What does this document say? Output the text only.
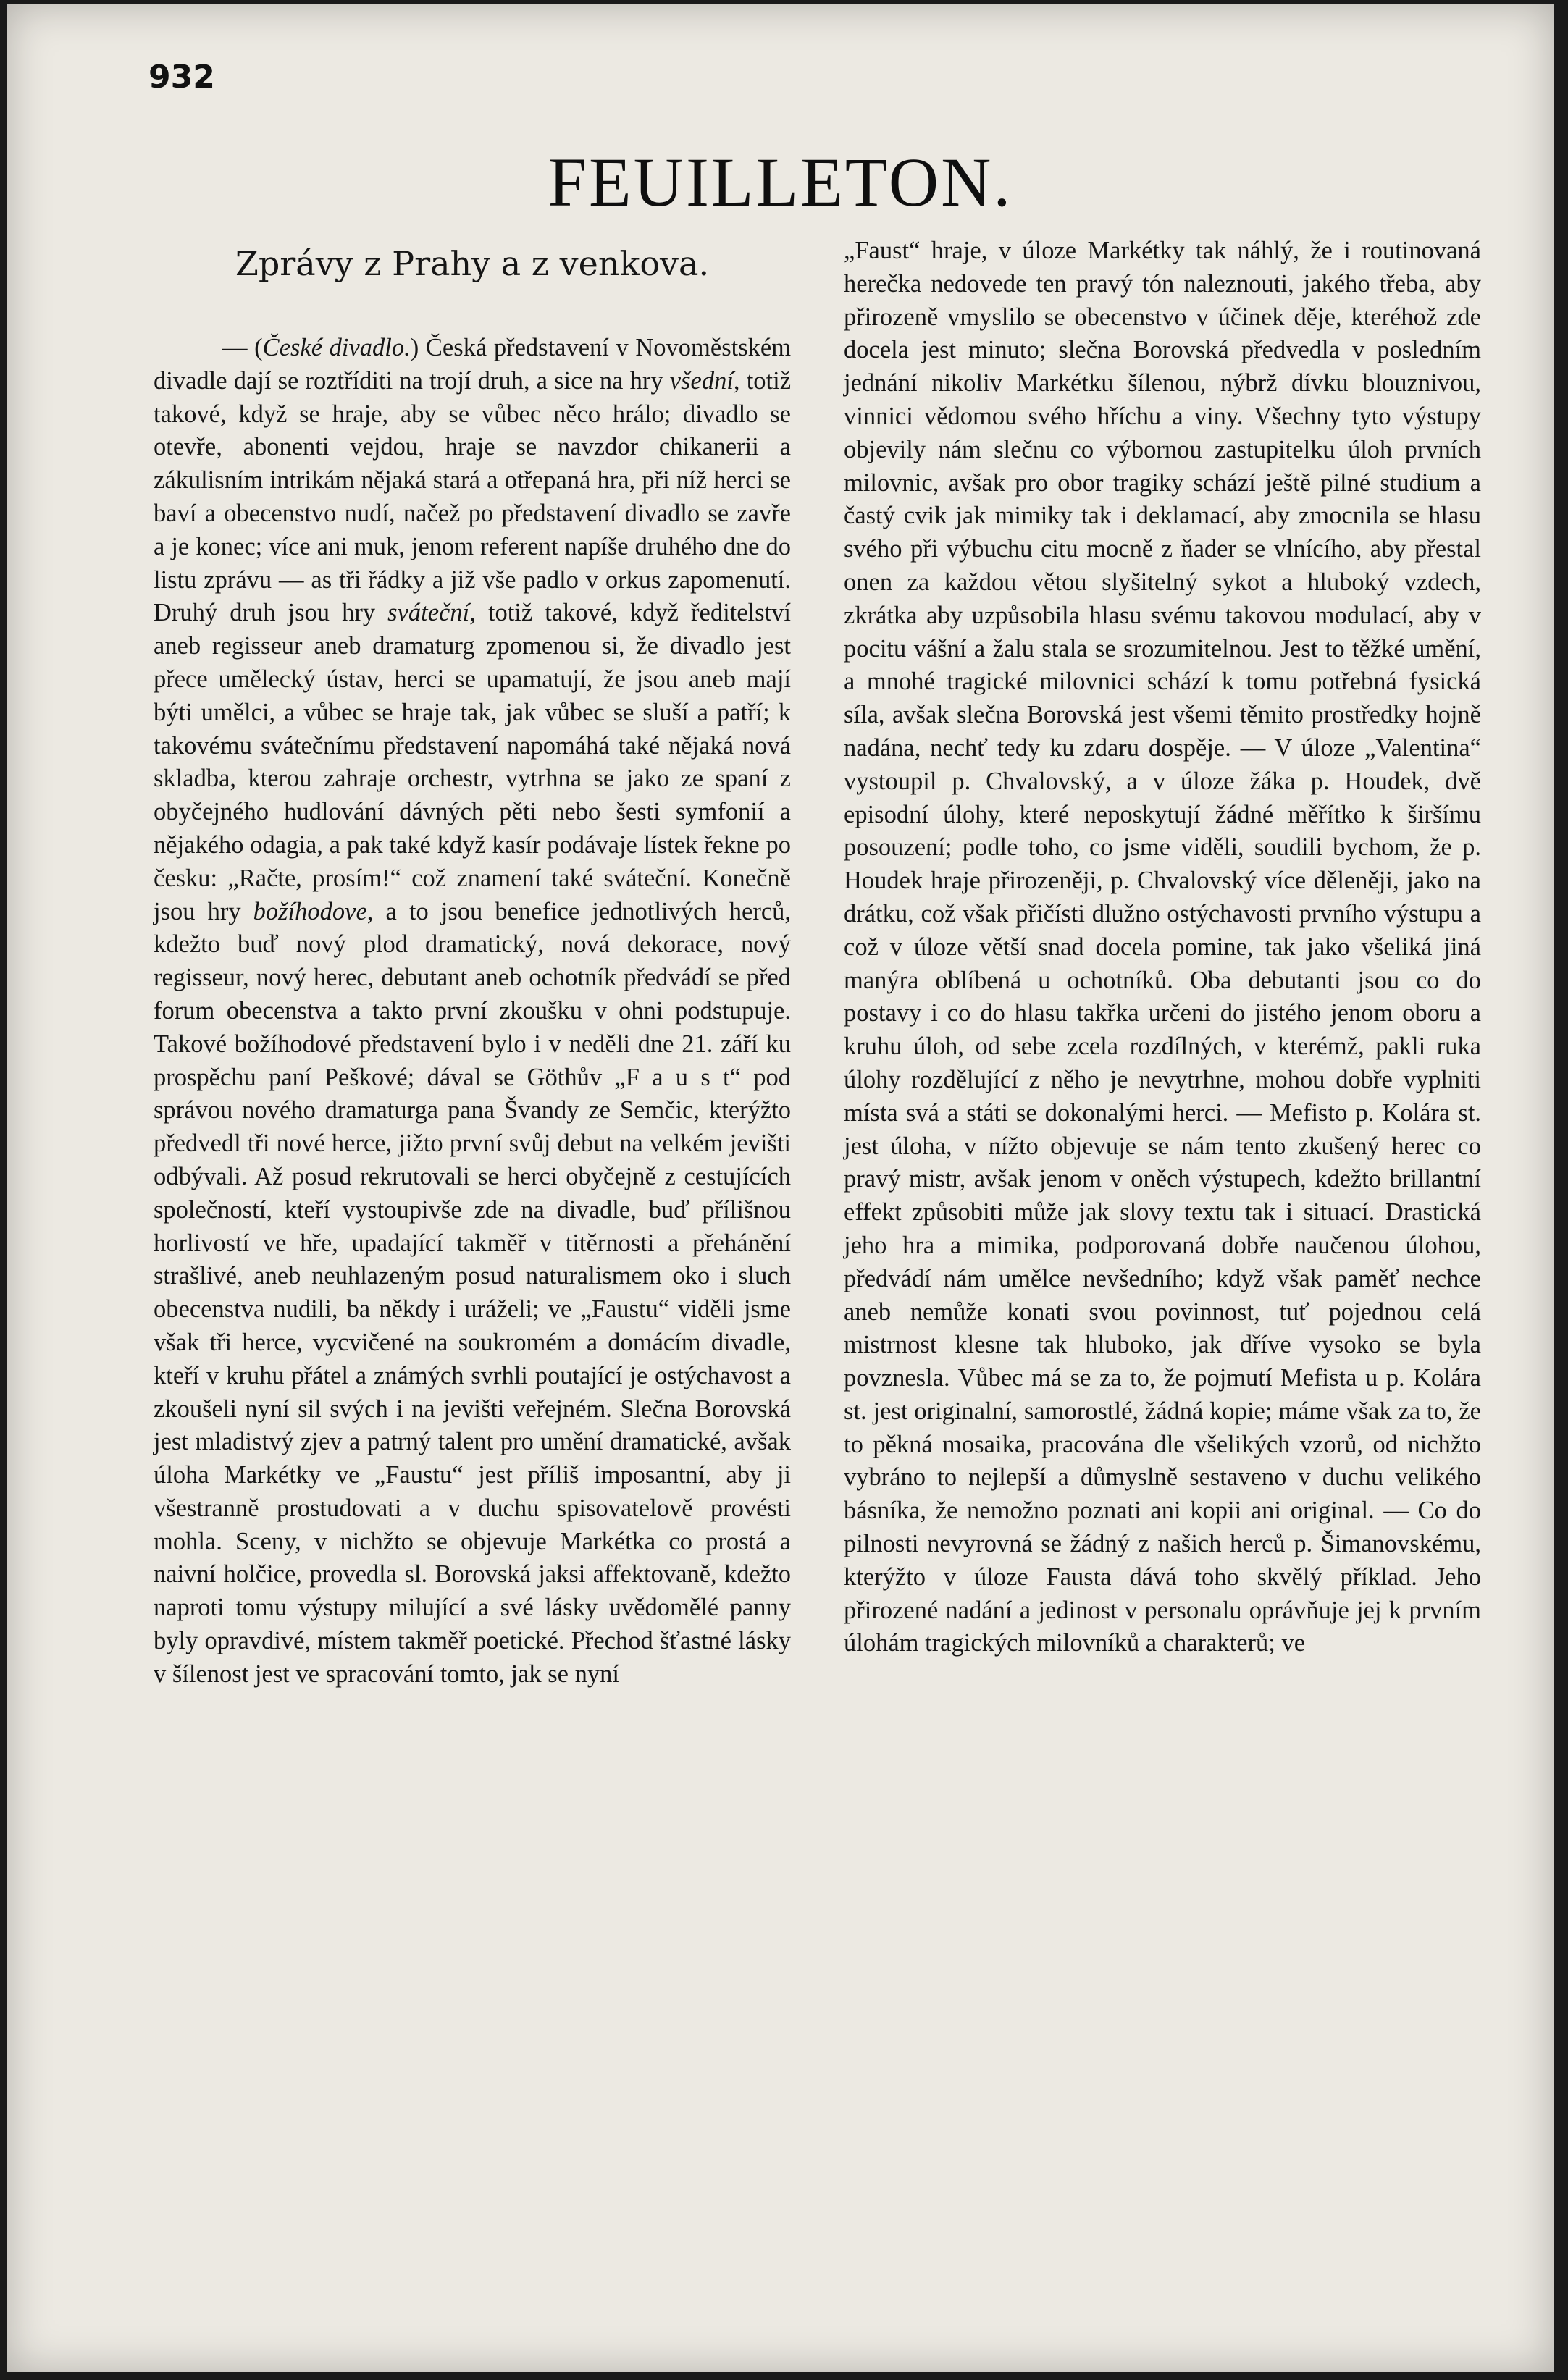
932
FEUILLETON.
Zprávy z Prahy a z venkova.

— (České divadlo.) Česká představení v Novoměstském divadle dají se roztříditi na trojí druh, a sice na hry všední, totiž takové, když se hraje, aby se vůbec něco hrálo; divadlo se otevře, abonenti vejdou, hraje se navzdor chikanerii a zákulisním intrikám nějaká stará a otřepaná hra, při níž herci se baví a obecenstvo nudí, načež po představení divadlo se zavře a je konec; více ani muk, jenom referent napíše druhého dne do listu zprávu — as tři řádky a již vše padlo v orkus zapomenutí. Druhý druh jsou hry sváteční, totiž takové, když ředitelství aneb regisseur aneb dramaturg zpomenou si, že divadlo jest přece umělecký ústav, herci se upamatují, že jsou aneb mají býti umělci, a vůbec se hraje tak, jak vůbec se sluší a patří; k takovému svátečnímu představení napomáhá také nějaká nová skladba, kterou zahraje orchestr, vytrhna se jako ze spaní z obyčejného hudlování dávných pěti nebo šesti symfonií a nějakého odagia, a pak také když kasír podávaje lístek řekne po česku: „Račte, prosím!“ což znamení také sváteční. Konečně jsou hry božíhodove, a to jsou benefice jednotlivých herců, kdežto buď nový plod dramatický, nová dekorace, nový regisseur, nový herec, debutant aneb ochotník předvádí se před forum obecenstva a takto první zkoušku v ohni podstupuje. Takové božíhodové představení bylo i v neděli dne 21. září ku prospěchu paní Peškové; dával se Göthův „F a u s t“ pod správou nového dramaturga pana Švandy ze Semčic, kterýžto předvedl tři nové herce, jižto první svůj debut na velkém jevišti odbývali. Až posud rekrutovali se herci obyčejně z cestujících společností, kteří vystoupivše zde na divadle, buď přílišnou horlivostí ve hře, upadající takměř v titěrnosti a přehánění strašlivé, aneb neuhlazeným posud naturalismem oko i sluch obecenstva nudili, ba někdy i uráželi; ve „Faustu“ viděli jsme však tři herce, vycvičené na soukromém a domácím divadle, kteří v kruhu přátel a známých svrhli poutající je ostýchavost a zkoušeli nyní sil svých i na jevišti veřejném. Slečna Borovská jest mladistvý zjev a patrný talent pro umění dramatické, avšak úloha Markétky ve „Faustu“ jest příliš imposantní, aby ji všestranně prostudovati a v duchu spisovatelově provésti mohla. Sceny, v nichžto se objevuje Markétka co prostá a naivní holčice, provedla sl. Borovská jaksi affektovaně, kdežto naproti tomu výstupy milující a své lásky uvědomělé panny byly opravdivé, místem takměř poetické. Přechod šťastné lásky v šílenost jest ve spracování tomto, jak se nyní

„Faust“ hraje, v úloze Markétky tak náhlý, že i routinovaná herečka nedovede ten pravý tón naleznouti, jakého třeba, aby přirozeně vmyslilo se obecenstvo v účinek děje, kteréhož zde docela jest minuto; slečna Borovská předvedla v posledním jednání nikoliv Markétku šílenou, nýbrž dívku blouznivou, vinnici vědomou svého hříchu a viny. Všechny tyto výstupy objevily nám slečnu co výbornou zastupitelku úloh prvních milovnic, avšak pro obor tragiky schází ještě pilné studium a častý cvik jak mimiky tak i deklamací, aby zmocnila se hlasu svého při výbuchu citu mocně z ňader se vlnícího, aby přestal onen za každou větou slyšitelný sykot a hluboký vzdech, zkrátka aby uzpůsobila hlasu svému takovou modulací, aby v pocitu vášní a žalu stala se srozumitelnou. Jest to těžké umění, a mnohé tragické milovnici schází k tomu potřebná fysická síla, avšak slečna Borovská jest všemi těmito prostředky hojně nadána, nechť tedy ku zdaru dospěje. — V úloze „Valentina“ vystoupil p. Chvalovský, a v úloze žáka p. Houdek, dvě episodní úlohy, které neposkytují žádné měřítko k širšímu posouzení; podle toho, co jsme viděli, soudili bychom, že p. Houdek hraje přirozeněji, p. Chvalovský více děleněji, jako na drátku, což však přičísti dlužno ostýchavosti prvního výstupu a což v úloze větší snad docela pomine, tak jako všeliká jiná manýra oblíbená u ochotníků. Oba debutanti jsou co do postavy i co do hlasu takřka určeni do jistého jenom oboru a kruhu úloh, od sebe zcela rozdílných, v kterémž, pakli ruka úlohy rozdělující z něho je nevytrhne, mohou dobře vyplniti místa svá a státi se dokonalými herci. — Mefisto p. Kolára st. jest úloha, v nížto objevuje se nám tento zkušený herec co pravý mistr, avšak jenom v oněch výstupech, kdežto brillantní effekt způsobiti může jak slovy textu tak i situací. Drastická jeho hra a mimika, podporovaná dobře naučenou úlohou, předvádí nám umělce nevšedního; když však paměť nechce aneb nemůže konati svou povinnost, tuť pojednou celá mistrnost klesne tak hluboko, jak dříve vysoko se byla povznesla. Vůbec má se za to, že pojmutí Mefista u p. Kolára st. jest originalní, samorostlé, žádná kopie; máme však za to, že to pěkná mosaika, pracována dle všelikých vzorů, od nichžto vybráno to nejlepší a důmyslně sestaveno v duchu velikého básníka, že nemožno poznati ani kopii ani original. — Co do pilnosti nevyrovná se žádný z našich herců p. Šimanovskému, kterýžto v úloze Fausta dává toho skvělý příklad. Jeho přirozené nadání a jedinost v personalu oprávňuje jej k prvním úlohám tragických milovníků a charakterů; ve
